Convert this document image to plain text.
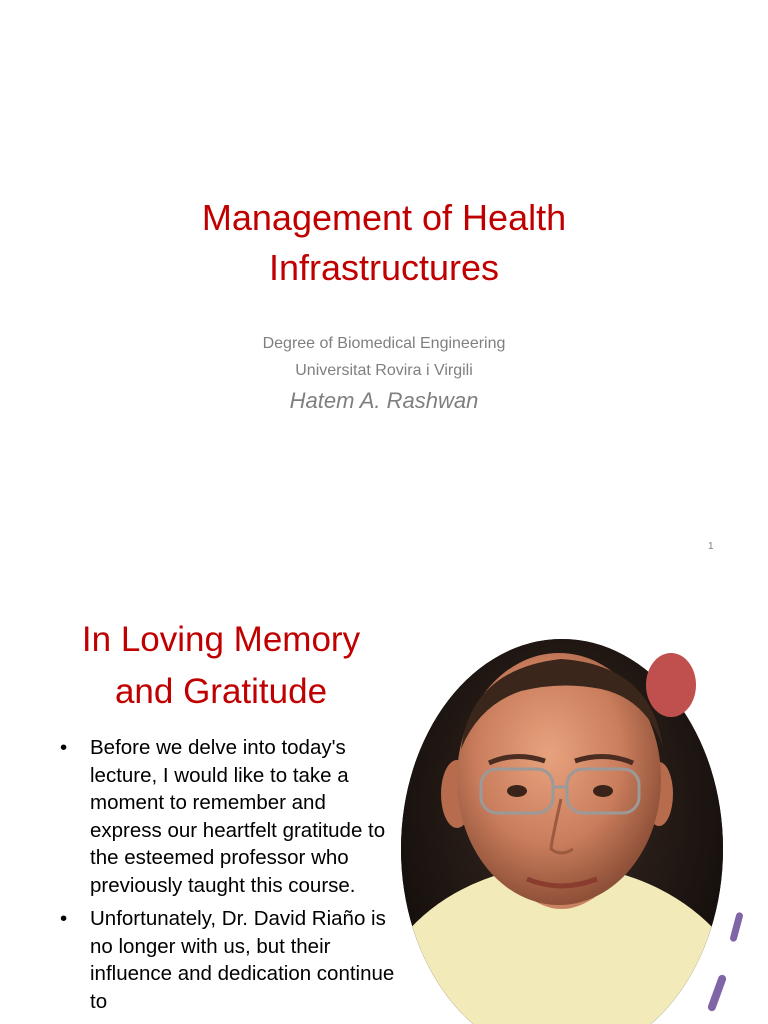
Management of Health
Infrastructures
Degree of Biomedical Engineering
Universitat Rovira i Virgili
Hatem A. Rashwan
1
In Loving Memory
and Gratitude
• Before we delve into today's lecture, I would like to take a moment to remember and express our heartfelt gratitude to the esteemed professor who previously taught this course.
• Unfortunately, Dr. David Riaño is no longer with us, but their influence and dedication continue to
